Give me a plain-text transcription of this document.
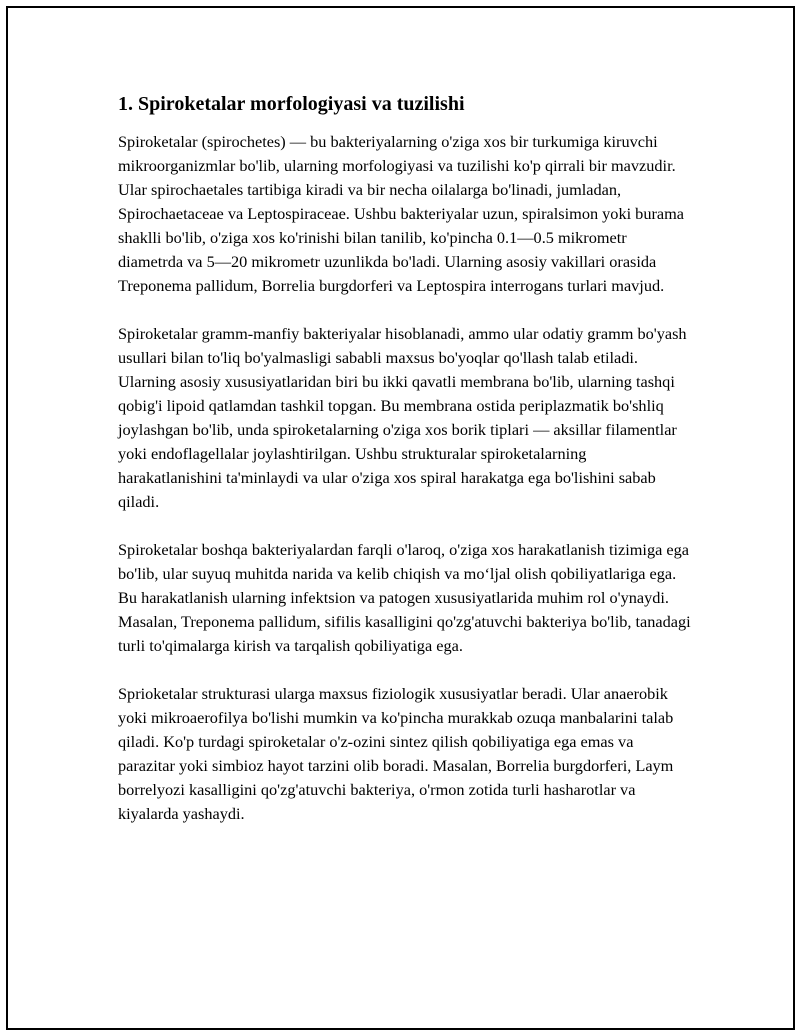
1. Spiroketalar morfologiyasi va tuzilishi

Spiroketalar (spirochetes) — bu bakteriyalarning o'ziga xos bir turkumiga kiruvchi mikroorganizmlar bo'lib, ularning morfologiyasi va tuzilishi ko'p qirrali bir mavzudir. Ular spirochaetales tartibiga kiradi va bir necha oilalarga bo'linadi, jumladan, Spirochaetaceae va Leptospiraceae. Ushbu bakteriyalar uzun, spiralsimon yoki burama shaklli bo'lib, o'ziga xos ko'rinishi bilan tanilib, ko'pincha 0.1—0.5 mikrometr diametrda va 5—20 mikrometr uzunlikda bo'ladi. Ularning asosiy vakillari orasida Treponema pallidum, Borrelia burgdorferi va Leptospira interrogans turlari mavjud.

Spiroketalar gramm-manfiy bakteriyalar hisoblanadi, ammo ular odatiy gramm bo'yash usullari bilan to'liq bo'yalmasligi sababli maxsus bo'yoqlar qo'llash talab etiladi. Ularning asosiy xususiyatlaridan biri bu ikki qavatli membrana bo'lib, ularning tashqi qobig'i lipoid qatlamdan tashkil topgan. Bu membrana ostida periplazmatik bo'shliq joylashgan bo'lib, unda spiroketalarning o'ziga xos borik tiplari — aksillar filamentlar yoki endoflagellalar joylashtirilgan. Ushbu strukturalar spiroketalarning harakatlanishini ta'minlaydi va ular o'ziga xos spiral harakatga ega bo'lishini sabab qiladi.

Spiroketalar boshqa bakteriyalardan farqli o'laroq, o'ziga xos harakatlanish tizimiga ega bo'lib, ular suyuq muhitda narida va kelib chiqish va mo‘ljal olish qobiliyatlariga ega. Bu harakatlanish ularning infektsion va patogen xususiyatlarida muhim rol o'ynaydi. Masalan, Treponema pallidum, sifilis kasalligini qo'zg'atuvchi bakteriya bo'lib, tanadagi turli to'qimalarga kirish va tarqalish qobiliyatiga ega.

Sprioketalar strukturasi ularga maxsus fiziologik xususiyatlar beradi. Ular anaerobik yoki mikroaerofilya bo'lishi mumkin va ko'pincha murakkab ozuqa manbalarini talab qiladi. Ko'p turdagi spiroketalar o'z-ozini sintez qilish qobiliyatiga ega emas va parazitar yoki simbioz hayot tarzini olib boradi. Masalan, Borrelia burgdorferi, Laym borrelyozi kasalligini qo'zg'atuvchi bakteriya, o'rmon zotida turli hasharotlar va kiyalarda yashaydi.
